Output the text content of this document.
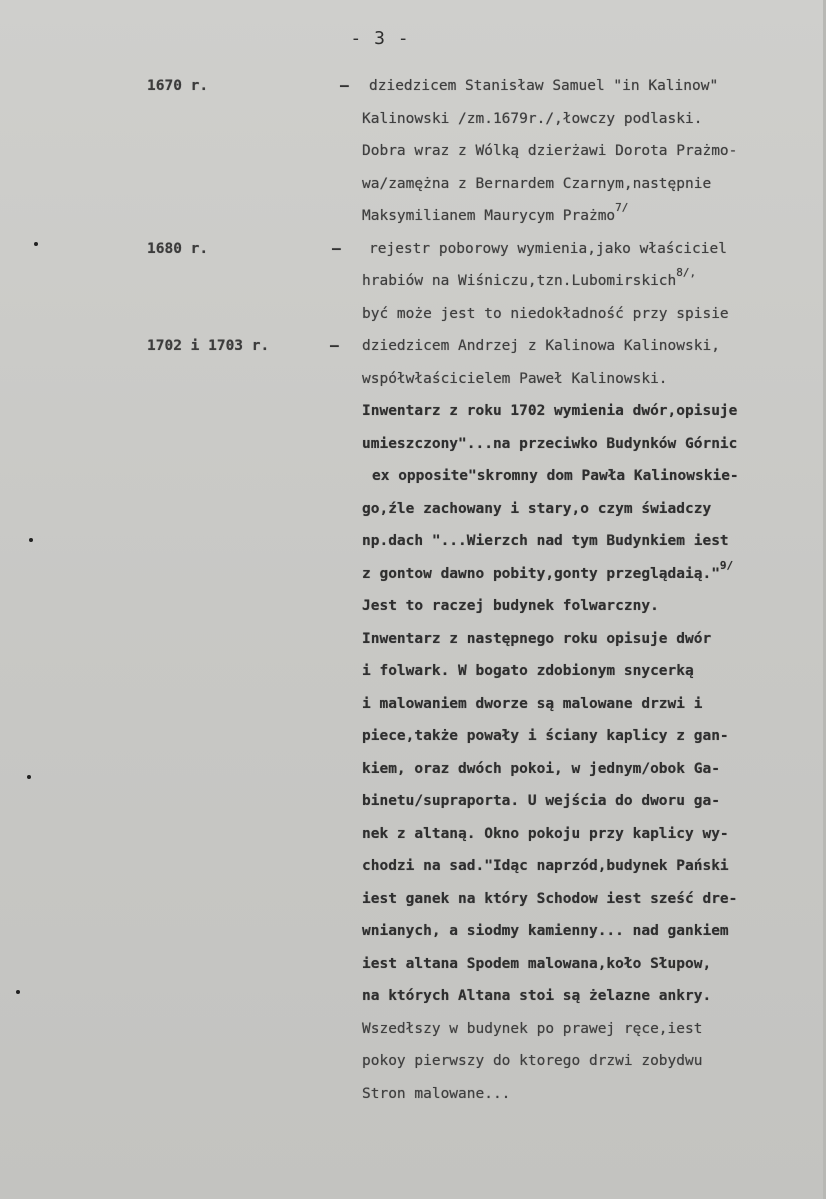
- 3 -
1670 r.	– dziedzicem Stanisław Samuel "in Kalinow"
Kalinowski /zm.1679r./,łowczy podlaski.
Dobra wraz z Wólką dzierżawi Dorota Prażmo-
wa/zamężna z Bernardem Czarnym,następnie
Maksymilianem Maurycym Prażmo$^{7/}$
1680 r.	– rejestr poborowy wymienia,jako właściciel
hrabiów na Wiśniczu,tzn.Lubomirskich$^{8/,}$
być może jest to niedokładność przy spisie
1702 i 1703 r.	– dziedzicem Andrzej z Kalinowa Kalinowski,
współwłaścicielem Paweł Kalinowski.
Inwentarz z roku 1702 wymienia dwór,opisuje
umieszczony"...na przeciwko Budynków Górnic
ex opposite"skromny dom Pawła Kalinowskie-
go,źle zachowany i stary,o czym świadczy
np.dach "...Wierzch nad tym Budynkiem iest
z gontow dawno pobity,gonty przeglądaią."$^{9/}$
Jest to raczej budynek folwarczny.
Inwentarz z następnego roku opisuje dwór
i folwark. W bogato zdobionym snycerką
i malowaniem dworze są malowane drzwi i
piece,także powały i ściany kaplicy z gan-
kiem, oraz dwóch pokoi, w jednym/obok Ga-
binetu/supraporta. U wejścia do dworu ga-
nek z altaną. Okno pokoju przy kaplicy wy-
chodzi na sad."Idąc naprzód,budynek Pański
iest ganek na który Schodow iest sześć dre-
wnianych, a siodmy kamienny... nad gankiem
iest altana Spodem malowana,koło Słupow,
na których Altana stoi są żelazne ankry.
Wszedłszy w budynek po prawej ręce,iest
pokoy pierwszy do ktorego drzwi zobydwu
Stron malowane...
